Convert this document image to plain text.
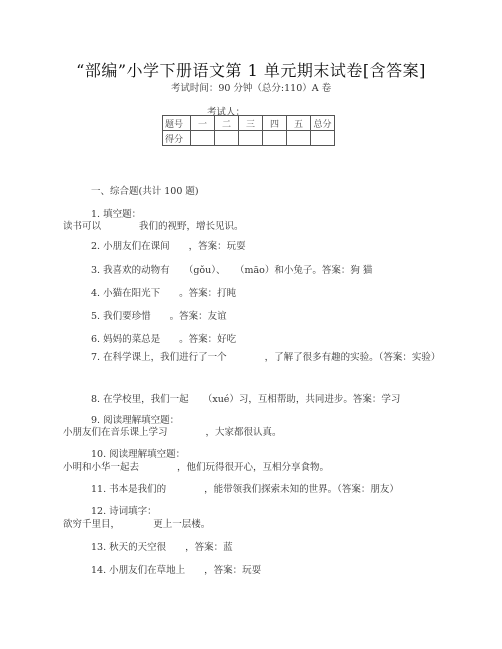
“部编”小学下册语文第 1 单元期末试卷[含答案]
考试时间：90 分钟（总分:110）A 卷
考试人：
题号	一	二	三	四	五	总分
得分						
一、综合题(共计 100 题)
1. 填空题：
读书可以　　　　我们的视野，增长见识。
2. 小朋友们在课间　　，答案：玩耍
3. 我喜欢的动物有　　（gǒu）、　　（māo）和小兔子。答案：狗 猫
4. 小猫在阳光下　　。答案：打盹
5. 我们要珍惜　　。答案：友谊
6. 妈妈的菜总是　　。答案：好吃
7. 在科学课上，我们进行了一个　　　　，了解了很多有趣的实验。（答案：实验）
8. 在学校里，我们一起　　（xué）习，互相帮助，共同进步。答案：学习
9. 阅读理解填空题：
小朋友们在音乐课上学习　　　　，大家都很认真。
10. 阅读理解填空题：
小明和小华一起去　　　　，他们玩得很开心，互相分享食物。
11. 书本是我们的　　　　，能带领我们探索未知的世界。（答案：朋友）
12. 诗词填字：
欲穷千里目，　　　　更上一层楼。
13. 秋天的天空很　　，答案：蓝
14. 小朋友们在草地上　　，答案：玩耍
